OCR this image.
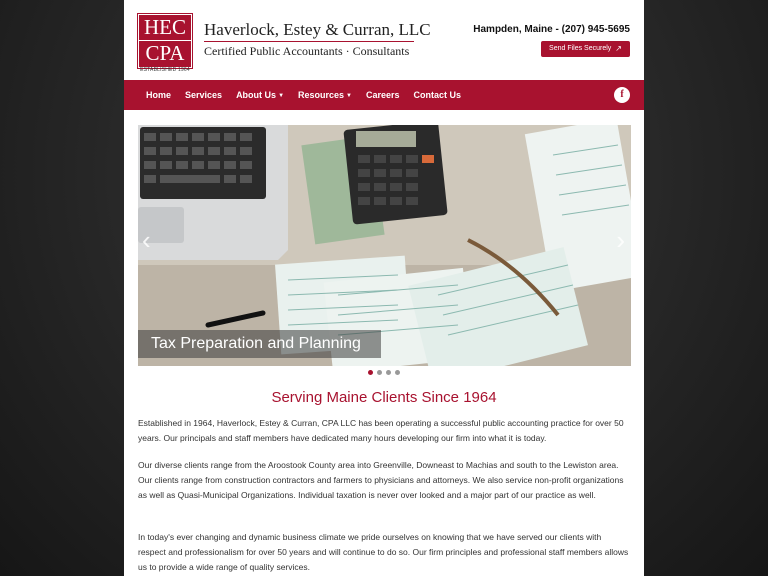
HEC
CPA
ESTABLISHED 1964
Haverlock, Estey & Curran, LLC
Certified Public Accountants · Consultants
Hampden, Maine - (207) 945-5695
Send Files Securely ↗
Home Services About Us ▼ Resources ▼ Careers Contact Us	f
‹	›
Tax Preparation and Planning

Serving Maine Clients Since 1964
Established in 1964, Haverlock, Estey & Curran, CPA LLC has been operating a successful public accounting practice for over 50 years. Our principals and staff members have dedicated many hours developing our firm into what it is today.
Our diverse clients range from the Aroostook County area into Greenville, Downeast to Machias and south to the Lewiston area. Our clients range from construction contractors and farmers to physicians and attorneys. We also service non-profit organizations as well as Quasi-Municipal Organizations. Individual taxation is never over looked and a major part of our practice as well.
In today's ever changing and dynamic business climate we pride ourselves on knowing that we have served our clients with respect and professionalism for over 50 years and will continue to do so. Our firm principles and professional staff members allows us to provide a wide range of quality services.
